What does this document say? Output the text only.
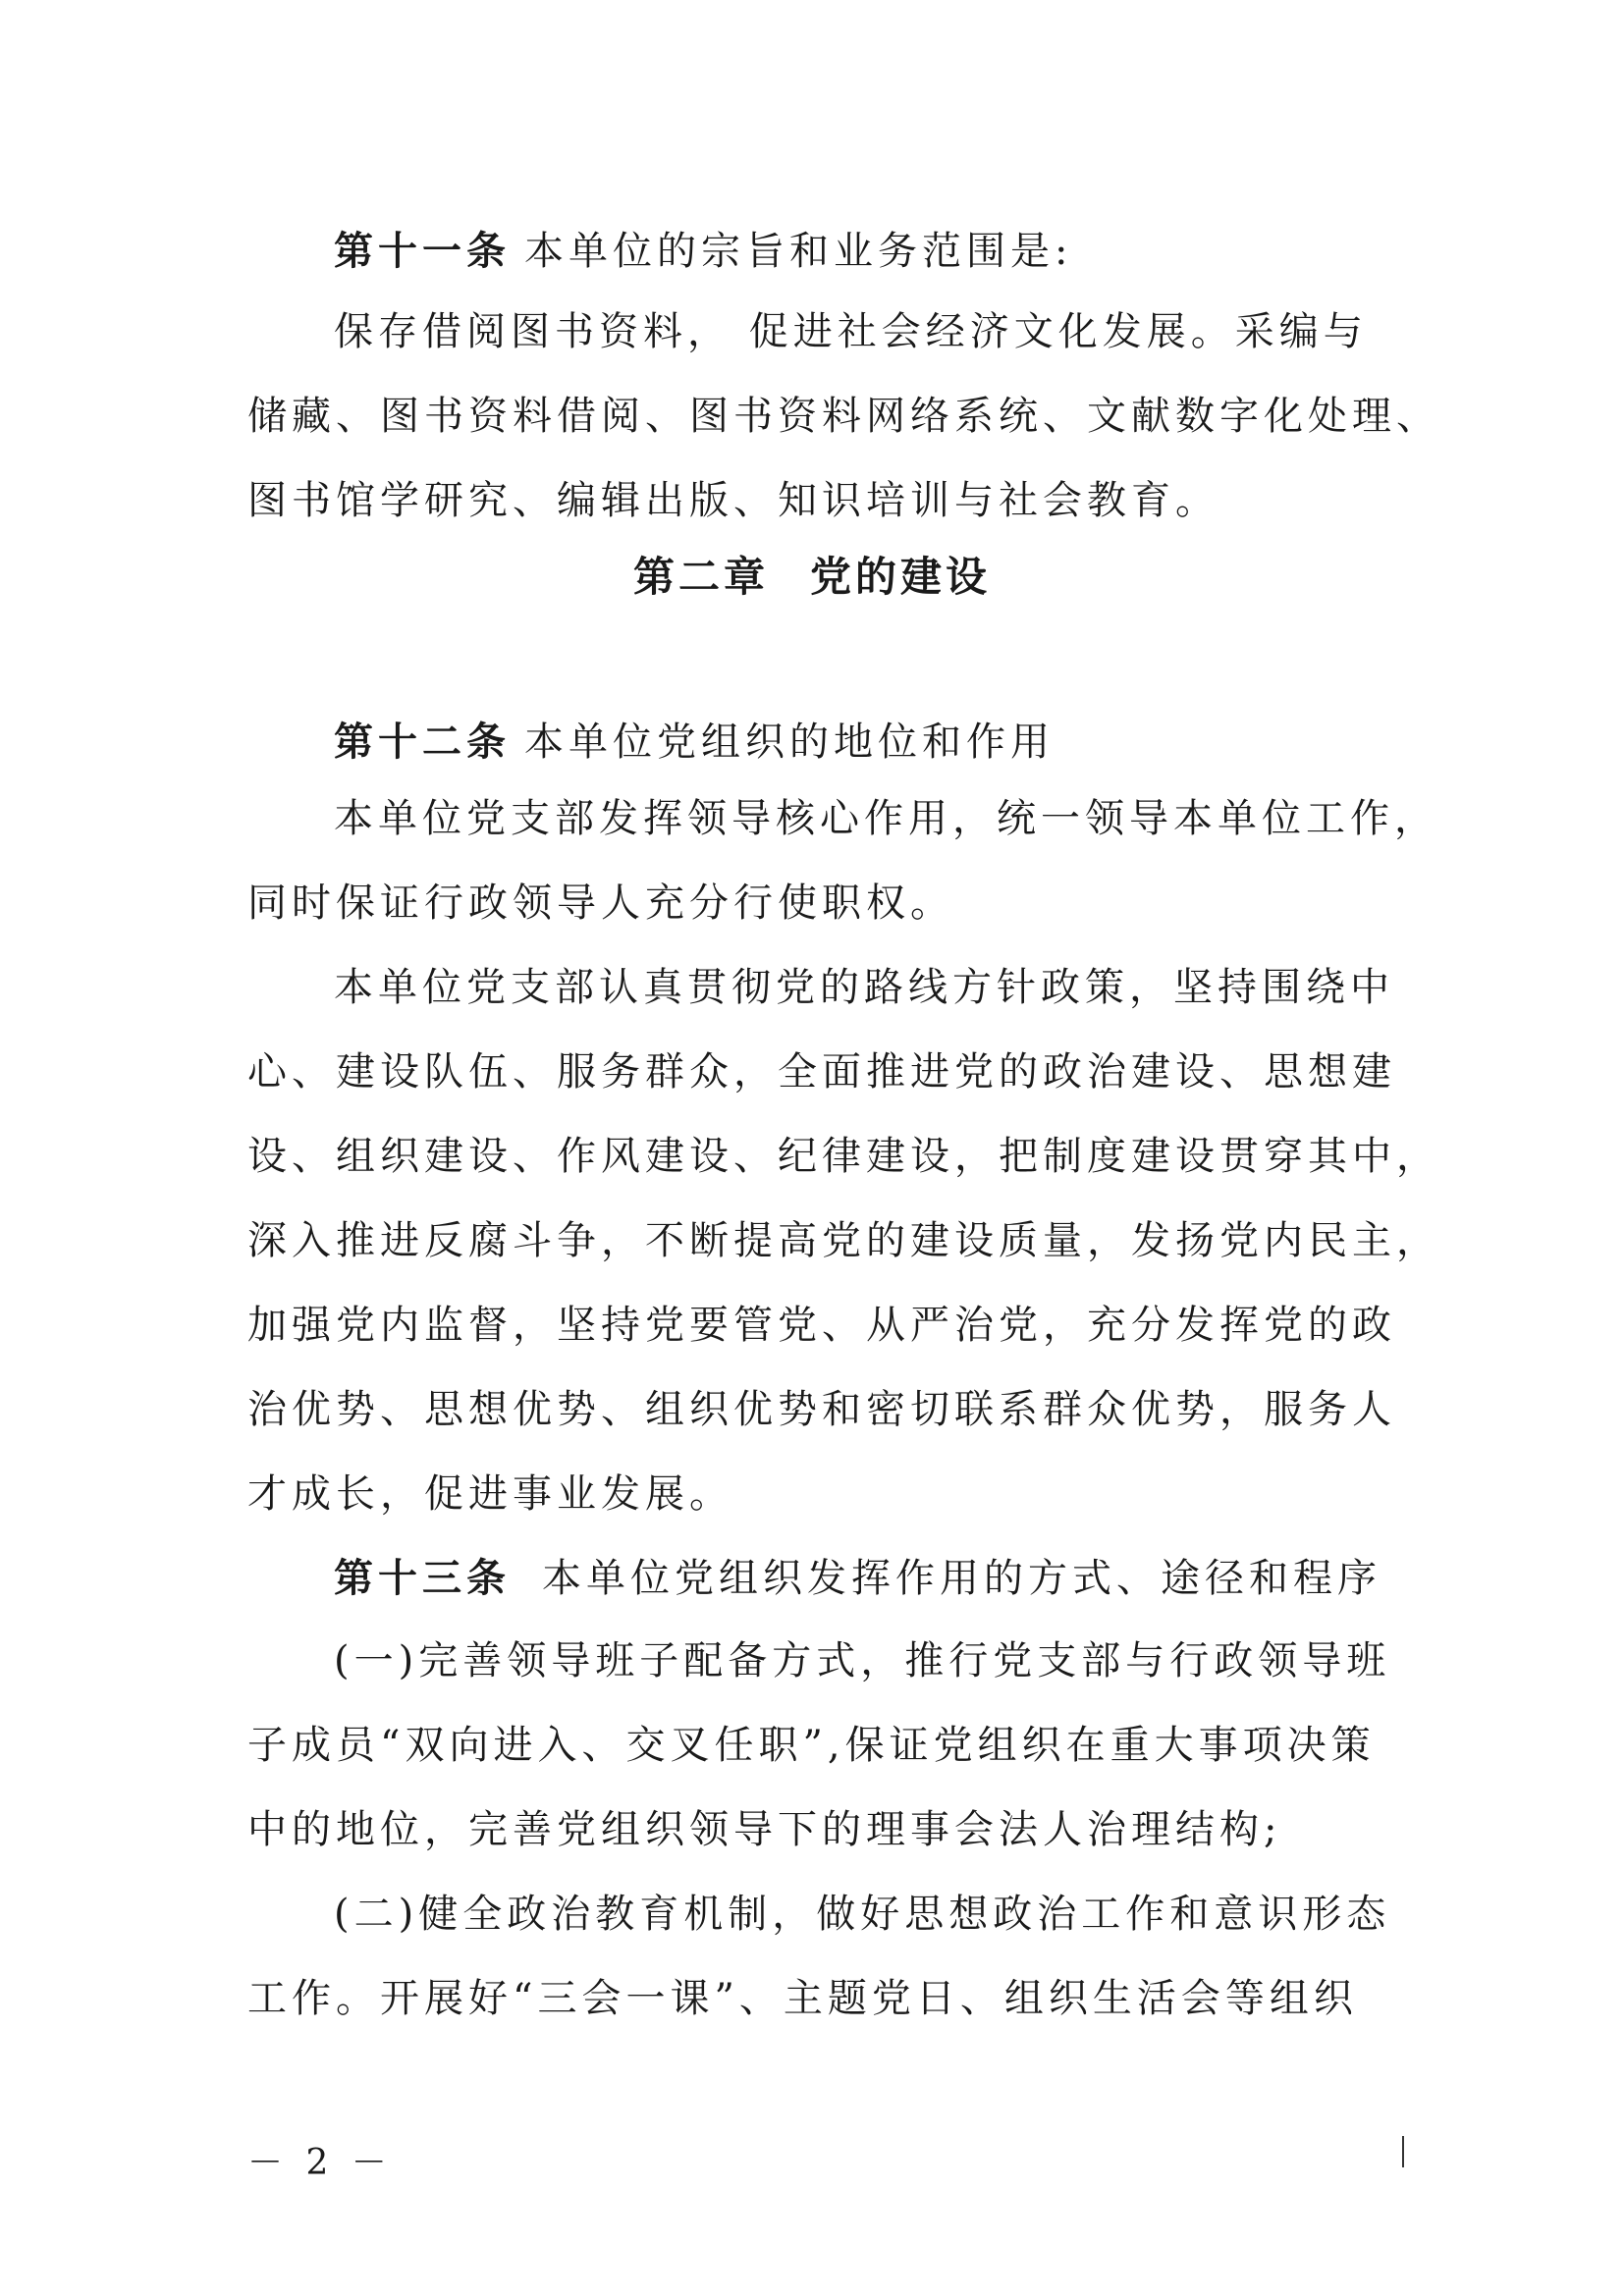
第十一条 本单位的宗旨和业务范围是:
保存借阅图书资料， 促进社会经济文化发展。采编与
储藏、图书资料借阅、图书资料网络系统、文献数字化处理、
图书馆学研究、编辑出版、知识培训与社会教育。
第二章 党的建设
第十二条 本单位党组织的地位和作用
本单位党支部发挥领导核心作用，统一领导本单位工作，
同时保证行政领导人充分行使职权。
本单位党支部认真贯彻党的路线方针政策，坚持围绕中
心、建设队伍、服务群众，全面推进党的政治建设、思想建
设、组织建设、作风建设、纪律建设，把制度建设贯穿其中，
深入推进反腐斗争，不断提高党的建设质量，发扬党内民主，
加强党内监督，坚持党要管党、从严治党，充分发挥党的政
治优势、思想优势、组织优势和密切联系群众优势，服务人
才成长，促进事业发展。
第十三条 本单位党组织发挥作用的方式、途径和程序
(一)完善领导班子配备方式，推行党支部与行政领导班
子成员“双向进入、交叉任职”,保证党组织在重大事项决策
中的地位，完善党组织领导下的理事会法人治理结构;
(二)健全政治教育机制，做好思想政治工作和意识形态
工作。开展好“三会一课”、主题党日、组织生活会等组织
－ 2 －
